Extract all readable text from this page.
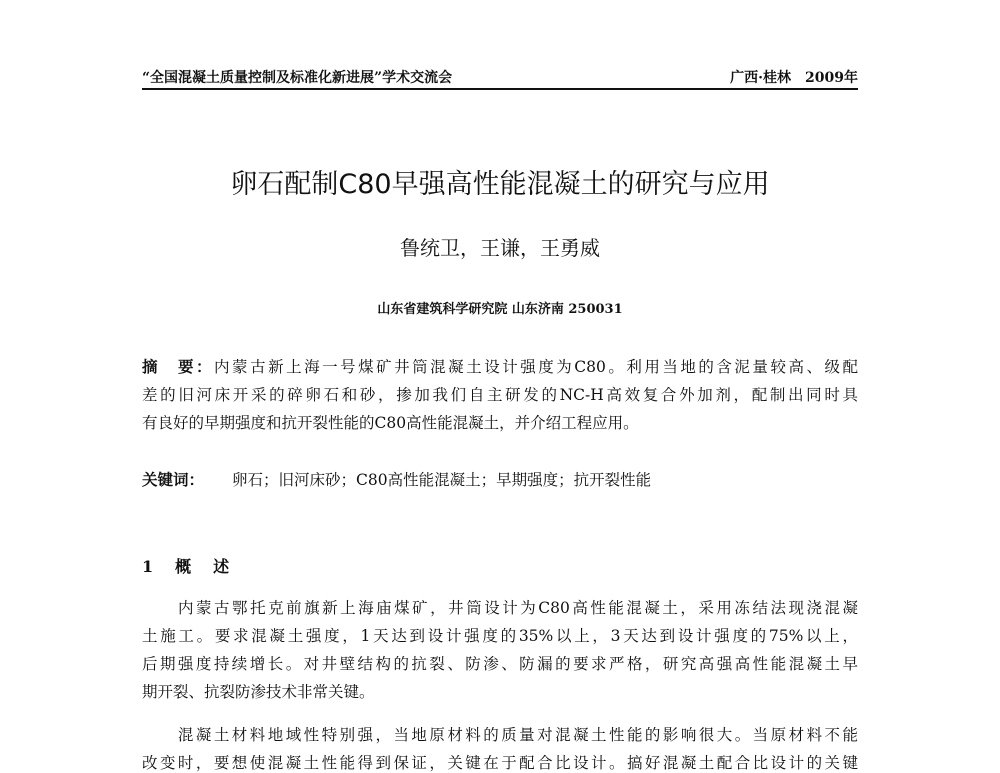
“全国混凝土质量控制及标准化新进展”学术交流会	广西·桂林　2009年
卵石配制C80早强高性能混凝土的研究与应用
鲁统卫，王谦，王勇威
山东省建筑科学研究院 山东济南 250031
摘　要：内蒙古新上海一号煤矿井筒混凝土设计强度为C80。利用当地的含泥量较高、级配
差的旧河床开采的碎卵石和砂，掺加我们自主研发的NC-H高效复合外加剂，配制出同时具
有良好的早期强度和抗开裂性能的C80高性能混凝土，并介绍工程应用。
关键词： 卵石；旧河床砂；C80高性能混凝土；早期强度；抗开裂性能
1 概述
　　内蒙古鄂托克前旗新上海庙煤矿，井筒设计为C80高性能混凝土，采用冻结法现浇混凝
土施工。要求混凝土强度，1天达到设计强度的35%以上，3天达到设计强度的75%以上，
后期强度持续增长。对井壁结构的抗裂、防渗、防漏的要求严格，研究高强高性能混凝土早
期开裂、抗裂防渗技术非常关键。
　　混凝土材料地域性特别强，当地原材料的质量对混凝土性能的影响很大。当原材料不能
改变时，要想使混凝土性能得到保证，关键在于配合比设计。搞好混凝土配合比设计的关键
